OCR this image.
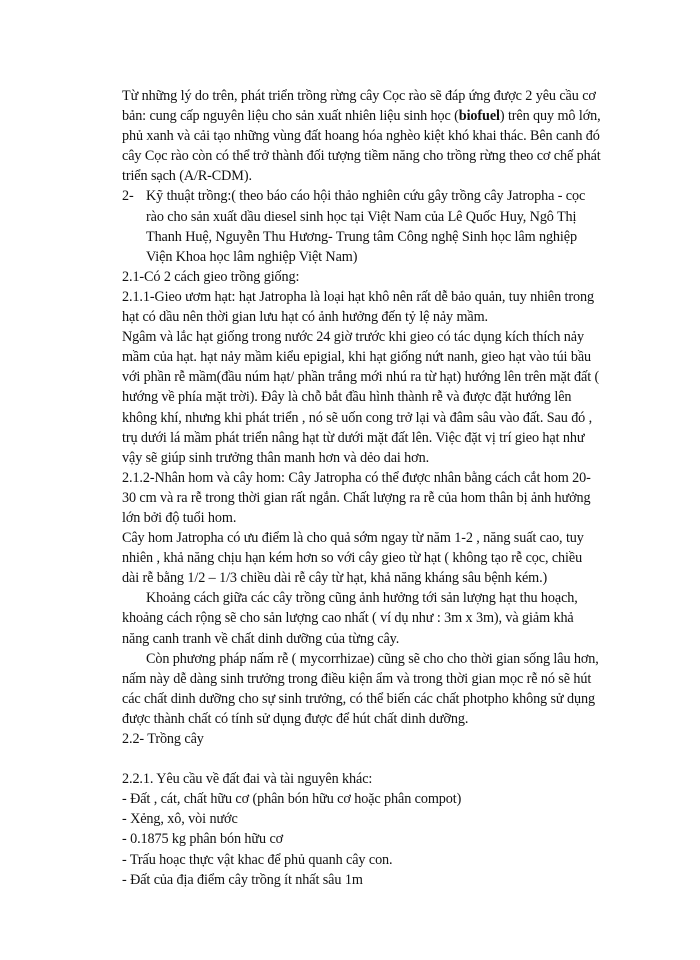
Từ những lý do trên, phát triển trồng rừng cây Cọc rào sẽ đáp ứng được 2 yêu cầu cơ bản: cung cấp nguyên liệu cho sản xuất nhiên liệu sinh học (biofuel) trên quy mô lớn, phủ xanh và cải tạo những vùng đất hoang hóa nghèo kiệt khó khai thác. Bên canh đó cây Cọc rào còn có thể trở thành đối tượng tiềm năng cho trồng rừng theo cơ chế phát triển sạch (A/R-CDM).

2- Kỹ thuật trồng:( theo báo cáo hội thảo nghiên cứu gây trồng cây Jatropha - cọc rào cho sản xuất dầu diesel sinh học tại Việt Nam của Lê Quốc Huy, Ngô Thị Thanh Huệ, Nguyễn Thu Hương- Trung tâm Công nghệ Sinh học lâm nghiệp Viện Khoa học lâm nghiệp Việt Nam)

2.1-Có 2 cách gieo trồng giống:

2.1.1-Gieo ươm hạt: hạt Jatropha là loại hạt khô nên rất dễ bảo quản, tuy nhiên trong hạt có dầu nên thời gian lưu hạt có ảnh hưởng đến tỷ lệ nảy mầm.

Ngâm và lắc hạt giống trong nước 24 giờ trước khi gieo có tác dụng kích thích nảy mầm của hạt. hạt nảy mầm kiểu epigial, khi hạt giống nứt nanh, gieo hạt vào túi bầu với phần rễ mầm(đầu núm hạt/ phần trắng mới nhú ra từ hạt) hướng lên trên mặt đất ( hướng về phía mặt trời). Đây là chỗ bắt đầu hình thành rễ và được đặt hướng lên không khí, nhưng khi phát triển , nó sẽ uốn cong trở lại và đâm sâu vào đất. Sau đó , trụ dưới lá mầm phát triển nâng hạt từ dưới mặt đất lên. Việc đặt vị trí gieo hạt như vậy sẽ giúp sinh trưởng thân manh hơn và dẻo dai hơn.

2.1.2-Nhân hom và cây hom: Cây Jatropha có thể được nhân bằng cách cắt hom 20-30 cm và ra rễ trong thời gian rất ngắn. Chất lượng ra rễ của hom thân bị ảnh hưởng lớn bởi độ tuổi hom.

Cây hom Jatropha có ưu điểm là cho quả sớm ngay từ năm 1-2 , năng suất cao, tuy nhiên , khả năng chịu hạn kém hơn so với cây gieo từ hạt ( không tạo rễ cọc, chiều dài rễ bằng 1/2 – 1/3 chiều dài rễ cây từ hạt, khả năng kháng sâu bệnh kém.)

Khoảng cách giữa các cây trồng cũng ảnh hưởng tới sản lượng hạt thu hoạch, khoảng cách rộng sẽ cho sản lượng cao nhất ( ví dụ như : 3m x 3m), và giảm khả năng canh tranh về chất dinh dưỡng của từng cây.

Còn phương pháp nấm rễ ( mycorrhizae) cũng sẽ cho cho thời gian sống lâu hơn, nấm này dễ dàng sinh trưởng trong điều kiện ẩm và trong thời gian mọc rễ nó sẽ hút các chất dinh dưỡng cho sự sinh trưởng, có thể biến các chất photpho không sử dụng được thành chất có tính sử dụng được để hút chất dinh dưỡng.

2.2- Trồng cây

2.2.1. Yêu cầu về đất đai và tài nguyên khác:

- Đất , cát, chất hữu cơ (phân bón hữu cơ hoặc phân compot)

- Xẻng, xô, vòi nước

- 0.1875 kg phân bón hữu cơ

- Trấu hoạc thực vật khac để phủ quanh cây con.

- Đất của địa điểm cây trồng ít nhất sâu 1m
